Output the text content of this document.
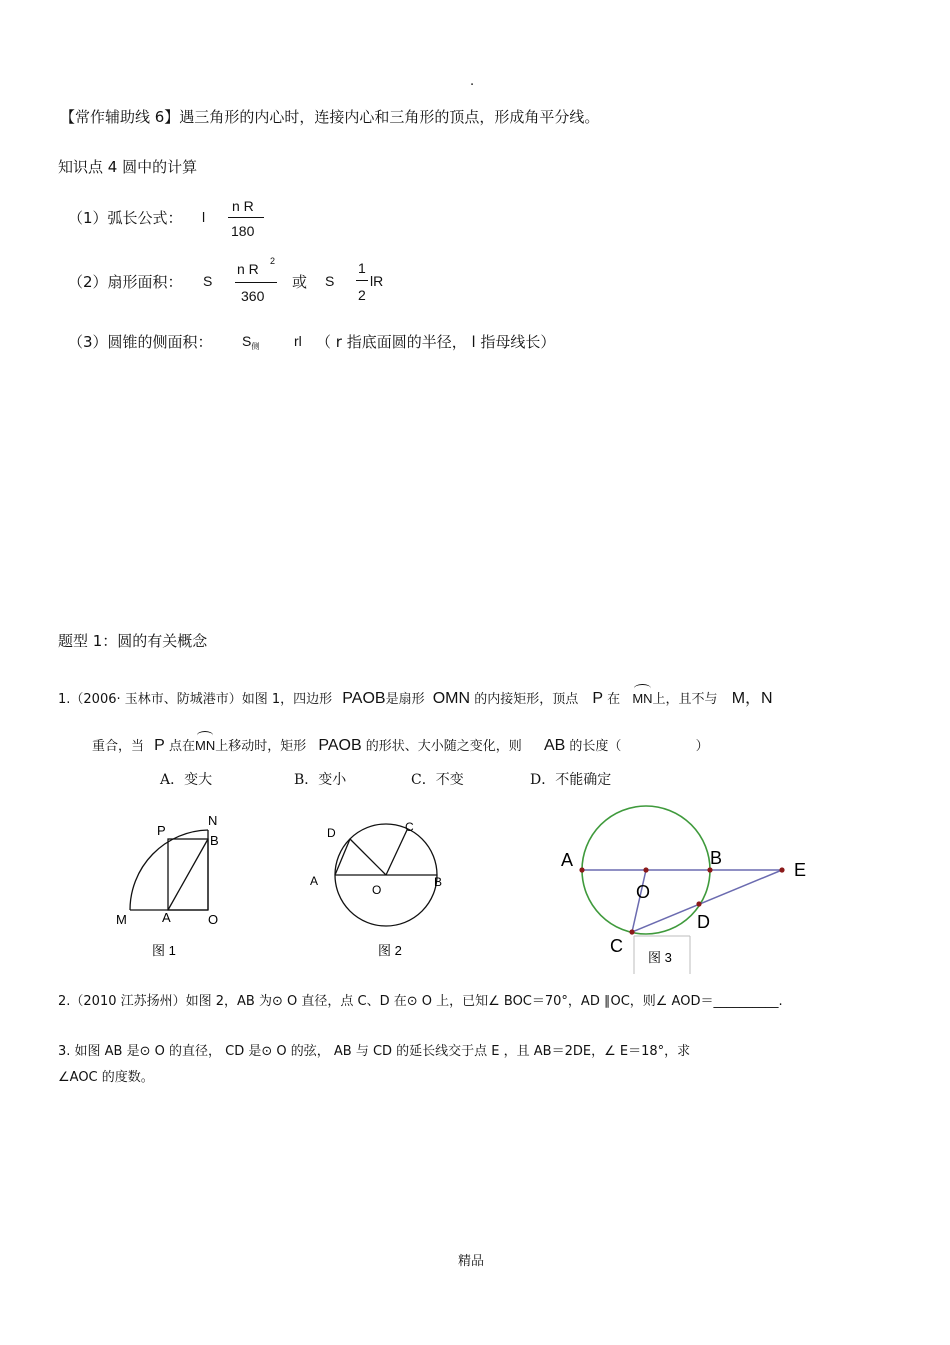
.
【常作辅助线 6】遇三角形的内心时，连接内心和三角形的顶点，形成角平分线。
知识点 4 圆中的计算
（1）弧长公式： l
n R
180
（2）扇形面积： S
n R 2
360
或 S
1
2
lR
（3）圆锥的侧面积： $S_侧$ rl （ r 指底面圆的半径， l 指母线长）
题型 1：圆的有关概念
1.（2006· 玉林市、防城港市）如图 1，四边形 PAOB是扇形 OMN 的内接矩形，顶点 P 在 MN上，且不与 M，N
重合，当 P 点在
MN上移动时，矩形 PAOB 的形状、大小随之变化，则 AB 的长度（	）
A．变大	B．变小	C．不变	D．不能确定
P
N
B
M	A	O
图 1
D	C
A
O
B
图 2
A	B
E
O
D
C
图 3
2.（2010 江苏扬州）如图 2，AB 为⊙ O 直径，点 C、D 在⊙ O 上，已知∠ BOC＝70°，AD ∥OC，则∠ AOD＝__________.
3. 如图 AB 是⊙ O 的直径， CD 是⊙ O 的弦， AB 与 CD 的延长线交于点 E ，且 AB＝2DE，∠ E＝18°，求
∠AOC 的度数。
精品
